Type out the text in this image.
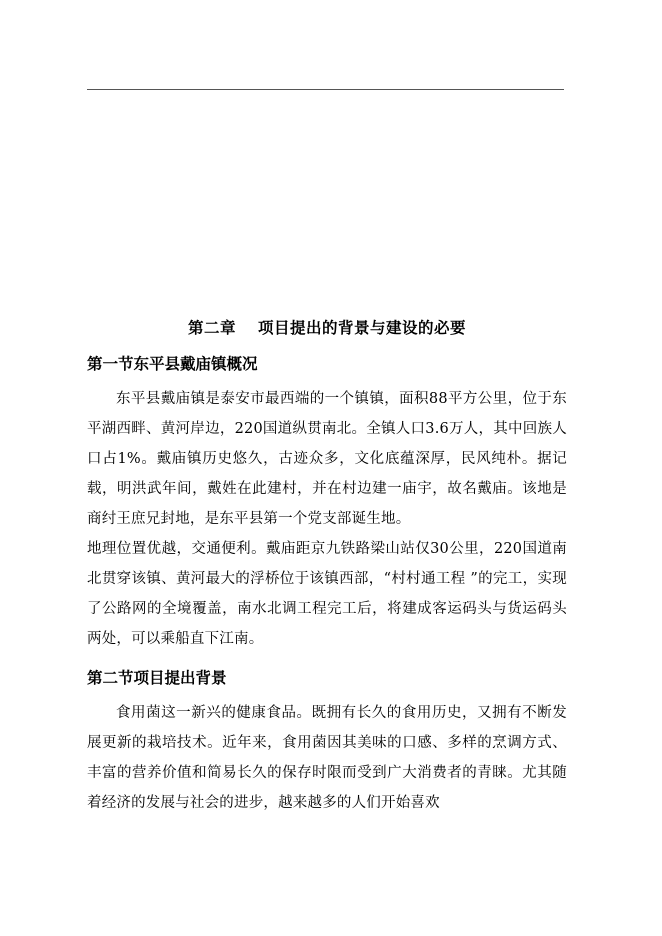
第二章 项目提出的背景与建设的必要
第一节东平县戴庙镇概况

东平县戴庙镇是泰安市最西端的一个镇镇，面积88平方公里，位于东平湖西畔、黄河岸边，220国道纵贯南北。全镇人口3.6万人，其中回族人口占1%。戴庙镇历史悠久，古迹众多，文化底蕴深厚，民风纯朴。据记载，明洪武年间，戴姓在此建村，并在村边建一庙宇，故名戴庙。该地是商纣王庶兄封地，是东平县第一个党支部诞生地。

地理位置优越，交通便利。戴庙距京九铁路梁山站仅30公里，220国道南北贯穿该镇、黄河最大的浮桥位于该镇西部，“村村通工程 ”的完工，实现了公路网的全境覆盖，南水北调工程完工后，将建成客运码头与货运码头两处，可以乘船直下江南。

第二节项目提出背景

食用菌这一新兴的健康食品。既拥有长久的食用历史，又拥有不断发展更新的栽培技术。近年来，食用菌因其美味的口感、多样的烹调方式、丰富的营养价值和简易长久的保存时限而受到广大消费者的青睐。尤其随着经济的发展与社会的进步，越来越多的人们开始喜欢
